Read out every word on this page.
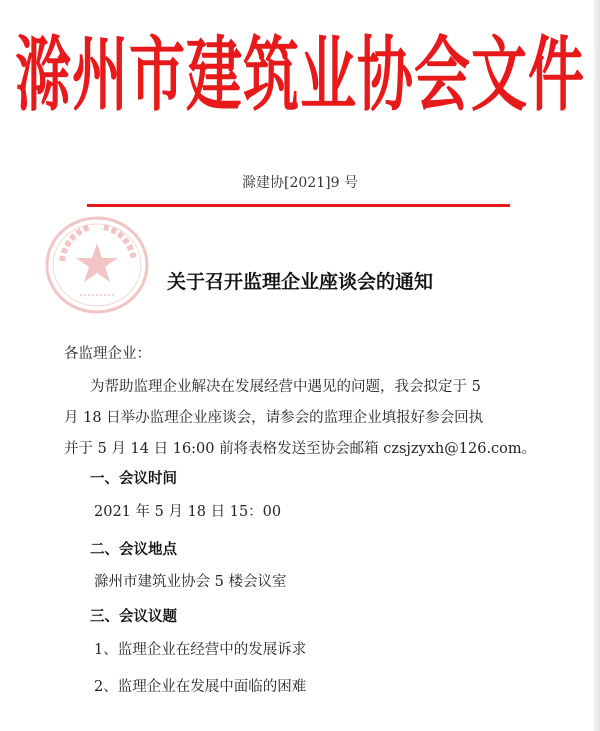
滁州市建筑业协会文件
滁建协[2021]9 号
关于召开监理企业座谈会的通知
各监理企业：
为帮助监理企业解决在发展经营中遇见的问题，我会拟定于 5
月 18 日举办监理企业座谈会，请参会的监理企业填报好参会回执
并于 5 月 14 日 16:00 前将表格发送至协会邮箱 czsjzyxh@126.com。
一、会议时间
2021 年 5 月 18 日 15：00
二、会议地点
滁州市建筑业协会 5 楼会议室
三、会议议题
1、监理企业在经营中的发展诉求
2、监理企业在发展中面临的困难
